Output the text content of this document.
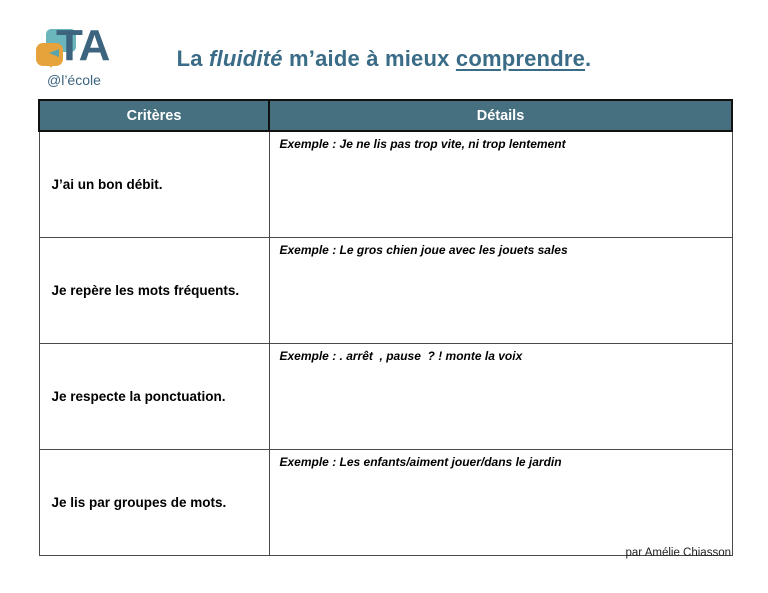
TA
@l’école
La fluidité m’aide à mieux comprendre.
Critères	Détails
J’ai un bon débit.	Exemple : Je ne lis pas trop vite, ni trop lentement
Je repère les mots fréquents.	Exemple : Le gros chien joue avec les jouets sales
Je respecte la ponctuation.	Exemple : . arrêt  , pause  ? ! monte la voix
Je lis par groupes de mots.	Exemple : Les enfants/aiment jouer/dans le jardin
par Amélie Chiasson
